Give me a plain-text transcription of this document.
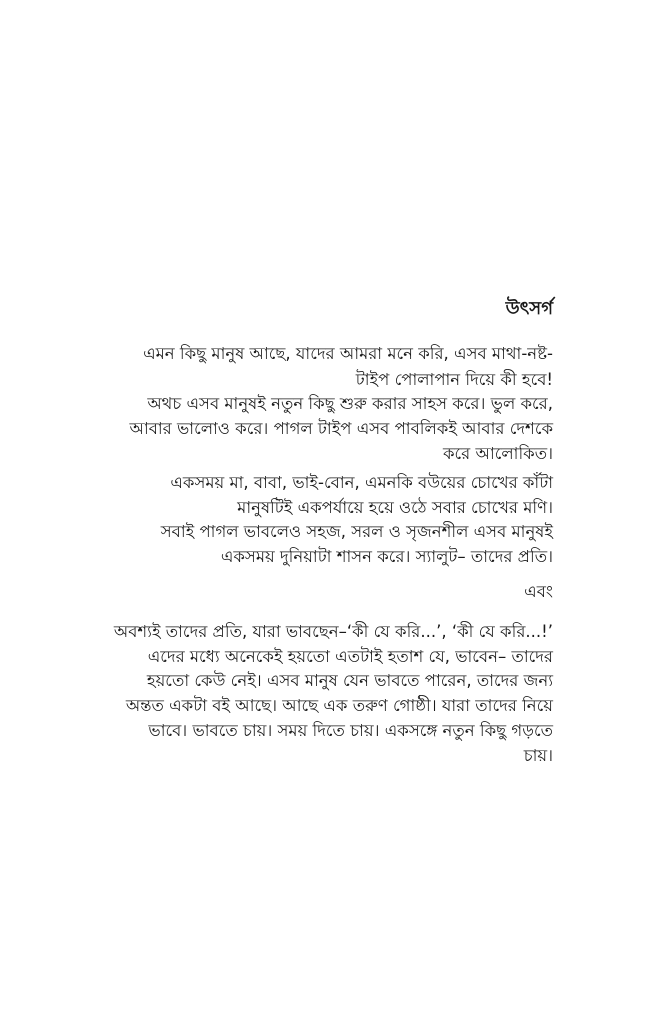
উৎসর্গ
এমন কিছু মানুষ আছে, যাদের আমরা মনে করি, এসব মাথা-নষ্ট-
টাইপ পোলাপান দিয়ে কী হবে!
অথচ এসব মানুষই নতুন কিছু শুরু করার সাহস করে। ভুল করে,
আবার ভালোও করে। পাগল টাইপ এসব পাবলিকই আবার দেশকে
করে আলোকিত।
একসময় মা, বাবা, ভাই-বোন, এমনকি বউয়ের চোখের কাঁটা
মানুষটিই একপর্যায়ে হয়ে ওঠে সবার চোখের মণি।
সবাই পাগল ভাবলেও সহজ, সরল ও সৃজনশীল এসব মানুষই
একসময় দুনিয়াটা শাসন করে। স্যালুট– তাদের প্রতি।
এবং
অবশ্যই তাদের প্রতি, যারা ভাবছেন–‘কী যে করি...’, ‘কী যে করি...!’
এদের মধ্যে অনেকেই হয়তো এতটাই হতাশ যে, ভাবেন– তাদের
হয়তো কেউ নেই। এসব মানুষ যেন ভাবতে পারেন, তাদের জন্য
অন্তত একটা বই আছে। আছে এক তরুণ গোষ্ঠী। যারা তাদের নিয়ে
ভাবে। ভাবতে চায়। সময় দিতে চায়। একসঙ্গে নতুন কিছু গড়তে
চায়।
